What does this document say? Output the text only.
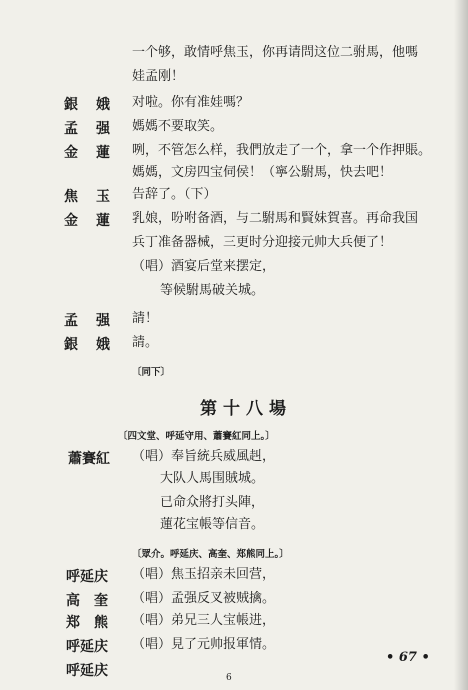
一个够，敢情呼焦玉，你再请問这位二驸馬，他嗎
娃孟刚！
銀　娥 对啦。你有准娃嗎？
孟　强 媽媽不要取笑。
金　蓮 咧，不管怎么样，我們放走了一个，拿一个作押賬。
媽媽，文房四宝伺侯！（寧公駙馬，快去吧！
焦　玉 告辞了。（下）
金　蓮 乳娘，吩咐备酒，与二駙馬和賢妹賀喜。再命我国
兵丁准备器械，三更时分迎接元帅大兵便了！
（唱）酒宴后堂来摆定，
等候駙馬破关城。
孟　强 請！
銀　娥 請。
〔同下〕
第十八場
〔四文堂、呼延守用、蕭賽紅同上。〕
蕭賽紅 （唱）奉旨統兵威風赳，
大队人馬围賊城。
已命众將打头陣，
蓮花宝帳等信音。
〔眾介。呼延庆、高奎、郑熊同上。〕
呼延庆 （唱）焦玉招亲未回营，
高　奎 （唱）孟强反叉被贼擒。
郑　熊 （唱）弟兄三人宝帳进，
呼延庆 （唱）見了元帅报軍情。
呼延庆
• 67 •
6
